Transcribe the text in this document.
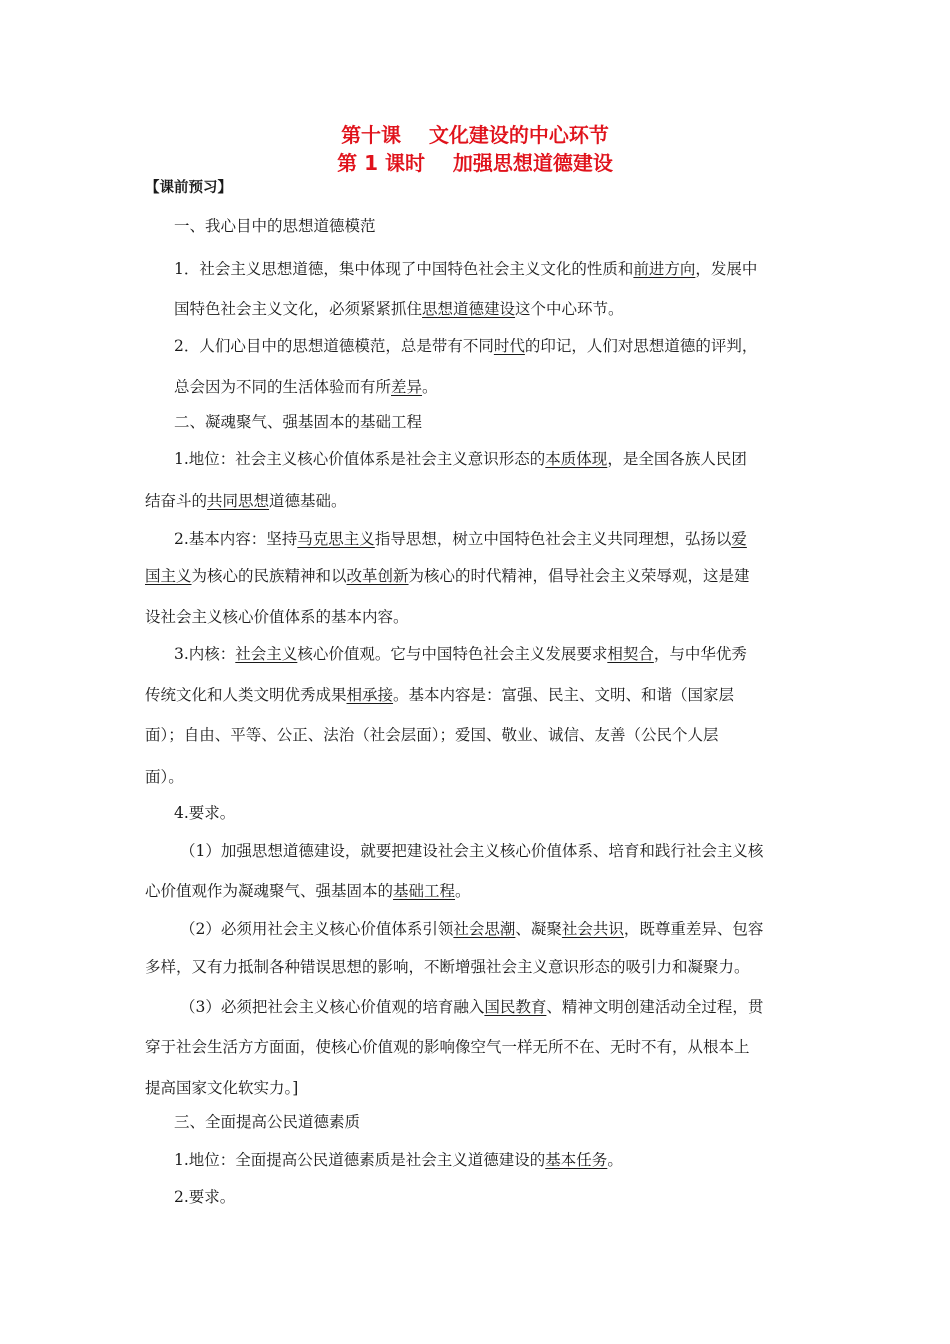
第十课    文化建设的中心环节
第 1 课时    加强思想道德建设
【课前预习】
一、我心目中的思想道德模范
1．社会主义思想道德，集中体现了中国特色社会主义文化的性质和前进方向，发展中
国特色社会主义文化，必须紧紧抓住思想道德建设这个中心环节。
2．人们心目中的思想道德模范，总是带有不同时代的印记，人们对思想道德的评判，
总会因为不同的生活体验而有所差异。
二、凝魂聚气、强基固本的基础工程
1.地位：社会主义核心价值体系是社会主义意识形态的本质体现，是全国各族人民团
结奋斗的共同思想道德基础。
2.基本内容：坚持马克思主义指导思想，树立中国特色社会主义共同理想，弘扬以爱
国主义为核心的民族精神和以改革创新为核心的时代精神，倡导社会主义荣辱观，这是建
设社会主义核心价值体系的基本内容。
3.内核：社会主义核心价值观。它与中国特色社会主义发展要求相契合，与中华优秀
传统文化和人类文明优秀成果相承接。基本内容是：富强、民主、文明、和谐（国家层
面）；自由、平等、公正、法治（社会层面）；爱国、敬业、诚信、友善（公民个人层
面）。
4.要求。
（1）加强思想道德建设，就要把建设社会主义核心价值体系、培育和践行社会主义核
心价值观作为凝魂聚气、强基固本的基础工程。
（2）必须用社会主义核心价值体系引领社会思潮、凝聚社会共识，既尊重差异、包容
多样，又有力抵制各种错误思想的影响，不断增强社会主义意识形态的吸引力和凝聚力。
（3）必须把社会主义核心价值观的培育融入国民教育、精神文明创建活动全过程，贯
穿于社会生活方方面面，使核心价值观的影响像空气一样无所不在、无时不有，从根本上
提高国家文化软实力。]
三、全面提高公民道德素质
1.地位：全面提高公民道德素质是社会主义道德建设的基本任务。
2.要求。
